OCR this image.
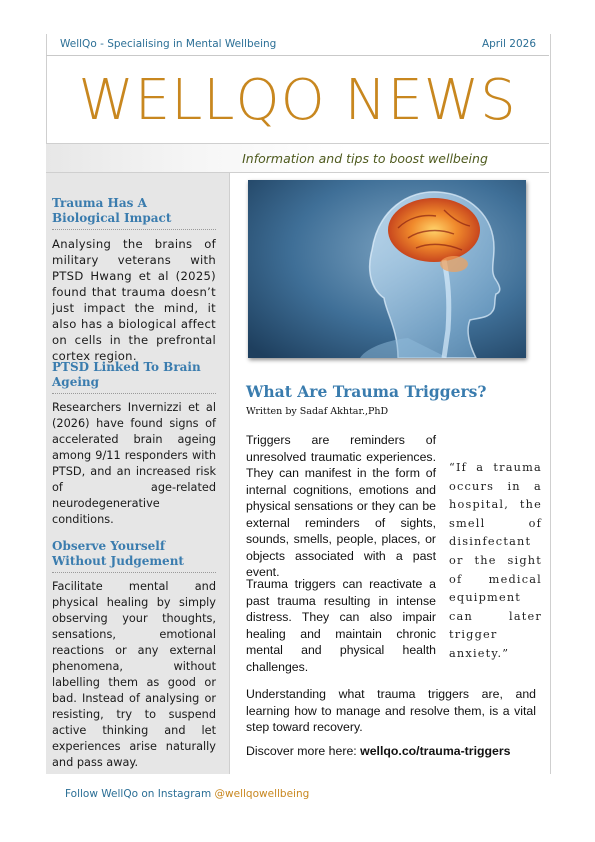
WellQo - Specialising in Mental Wellbeing	April 2026
WELLQO NEWS
Information and tips to boost wellbeing
Trauma Has A Biological Impact
Analysing the brains of military veterans with PTSD Hwang et al (2025) found that trauma doesn’t just impact the mind, it also has a biological affect on cells in the prefrontal cortex region.
PTSD Linked To Brain Ageing
Researchers Invernizzi et al (2026) have found signs of accelerated brain ageing among 9/11 responders with PTSD, and an increased risk of age-related neurodegenerative conditions.
Observe Yourself Without Judgement
Facilitate mental and physical healing by simply observing your thoughts, sensations, emotional reactions or any external phenomena, without labelling them as good or bad. Instead of analysing or resisting, try to suspend active thinking and let experiences arise naturally and pass away.
What Are Trauma Triggers?
Written by Sadaf Akhtar.,PhD
Triggers are reminders of unresolved traumatic experiences. They can manifest in the form of internal cognitions, emotions and physical sensations or they can be external reminders of sights, sounds, smells, people, places, or objects associated with a past event.
Trauma triggers can reactivate a past trauma resulting in intense distress. They can also impair healing and maintain chronic mental and physical health challenges.
“If a trauma occurs in a hospital, the smell of disinfectant or the sight of medical equipment can later trigger anxiety.”
Understanding what trauma triggers are, and learning how to manage and resolve them, is a vital step toward recovery.
Discover more here: wellqo.co/trauma-triggers
Follow WellQo on Instagram @wellqowellbeing
